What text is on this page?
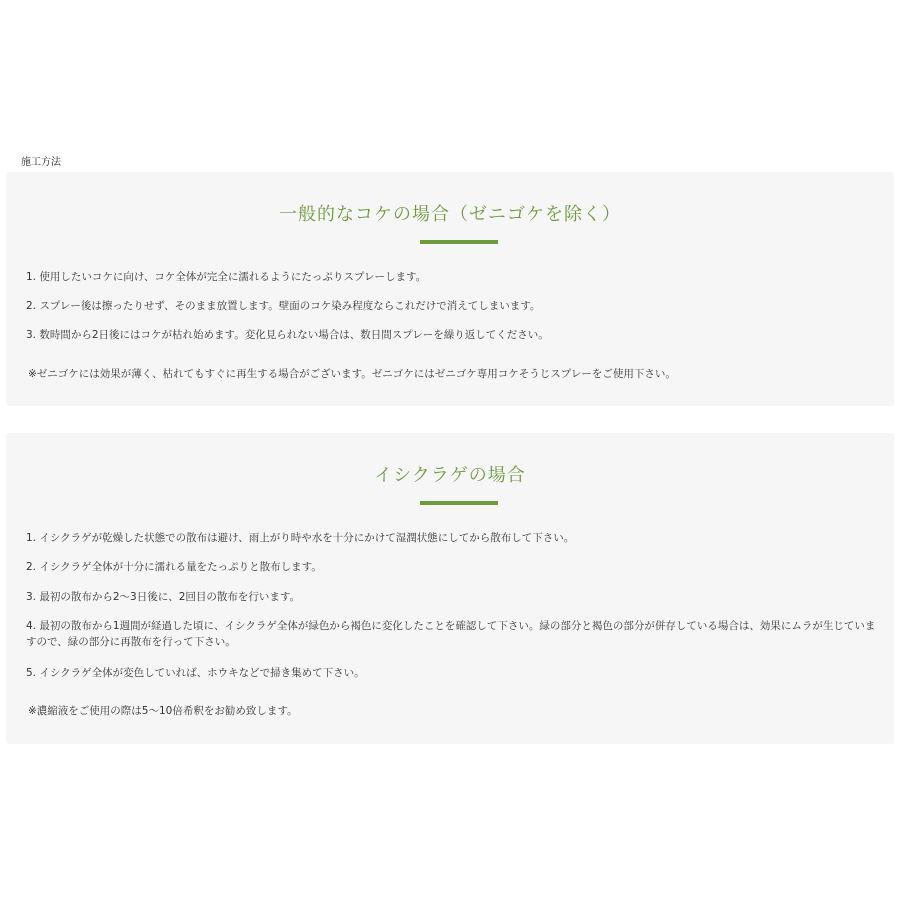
施工方法
一般的なコケの場合（ゼニゴケを除く）
1. 使用したいコケに向け、コケ全体が完全に濡れるようにたっぷりスプレーします。
2. スプレー後は擦ったりせず、そのまま放置します。壁面のコケ染み程度ならこれだけで消えてしまいます。
3. 数時間から2日後にはコケが枯れ始めます。変化見られない場合は、数日間スプレーを繰り返してください。
※ゼニゴケには効果が薄く、枯れてもすぐに再生する場合がございます。ゼニゴケにはゼニゴケ専用コケそうじスプレーをご使用下さい。
イシクラゲの場合
1. イシクラゲが乾燥した状態での散布は避け、雨上がり時や水を十分にかけて湿潤状態にしてから散布して下さい。
2. イシクラゲ全体が十分に濡れる量をたっぷりと散布します。
3. 最初の散布から2〜3日後に、2回目の散布を行います。
4. 最初の散布から1週間が経過した頃に、イシクラゲ全体が緑色から褐色に変化したことを確認して下さい。緑の部分と褐色の部分が併存している場合は、効果にムラが生じていますので、緑の部分に再散布を行って下さい。
5. イシクラゲ全体が変色していれば、ホウキなどで掃き集めて下さい。
※濃縮液をご使用の際は5〜10倍希釈をお勧め致します。
